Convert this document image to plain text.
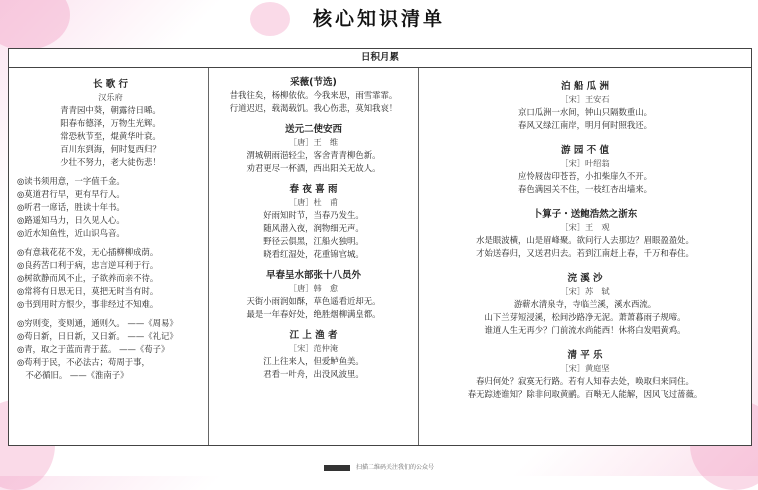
核心知识清单
日积月累
长 歌 行
汉乐府
青青园中葵，朝露待日晞。
阳春布德泽，万物生光辉。
常恐秋节至，焜黄华叶衰。
百川东到海，何时复西归？
少壮不努力，老大徒伤悲！
◎读书须用意，一字值千金。
◎莫道君行早，更有早行人。
◎听君一席话，胜读十年书。
◎路遥知马力，日久见人心。
◎近水知鱼性，近山识鸟音。
◎有意栽花花不发，无心插柳柳成荫。
◎良药苦口利于病，忠言逆耳利于行。
◎树欲静而风不止，子欲养而亲不待。
◎常将有日思无日，莫把无时当有时。
◎书到用时方恨少，事非经过不知难。
◎穷则变，变则通，通则久。 ——《周易》
◎苟日新，日日新，又日新。 ——《礼记》
◎青，取之于蓝而青于蓝。 ——《荀子》
◎苟利于民，不必法古；苟周于事，
　不必循旧。 ——《淮南子》
采薇(节选)
昔我往矣，杨柳依依。今我来思，雨雪霏霏。
行道迟迟，载渴载饥。我心伤悲，莫知我哀！
送元二使安西
［唐］王　维
渭城朝雨浥轻尘，客舍青青柳色新。
劝君更尽一杯酒，西出阳关无故人。
春 夜 喜 雨
［唐］杜　甫
好雨知时节，当春乃发生。
随风潜入夜，润物细无声。
野径云俱黑，江船火独明。
晓看红湿处，花重锦官城。
早春呈水部张十八员外
［唐］韩　愈
天街小雨润如酥，草色遥看近却无。
最是一年春好处，绝胜烟柳满皇都。
江 上 渔 者
［宋］范仲淹
江上往来人，但爱鲈鱼美。
君看一叶舟，出没风波里。
泊 船 瓜 洲
［宋］王安石
京口瓜洲一水间，钟山只隔数重山。
春风又绿江南岸，明月何时照我还。
游 园 不 值
［宋］叶绍翁
应怜屐齿印苍苔，小扣柴扉久不开。
春色满园关不住，一枝红杏出墙来。
卜算子・送鲍浩然之浙东
［宋］王　观
水是眼波横，山是眉峰聚。欲问行人去那边？眉眼盈盈处。
才始送春归，又送君归去。若到江南赶上春，千万和春住。
浣 溪 沙
［宋］苏　轼
游蕲水清泉寺，寺临兰溪，溪水西流。
山下兰芽短浸溪，松间沙路净无泥。萧萧暮雨子规啼。
谁道人生无再少？门前流水尚能西！休将白发唱黄鸡。
清 平 乐
［宋］黄庭坚
春归何处？寂寞无行路。若有人知春去处，唤取归来同住。
春无踪迹谁知？除非问取黄鹂。百啭无人能解，因风飞过蔷薇。
扫描二维码关注我们的公众号
